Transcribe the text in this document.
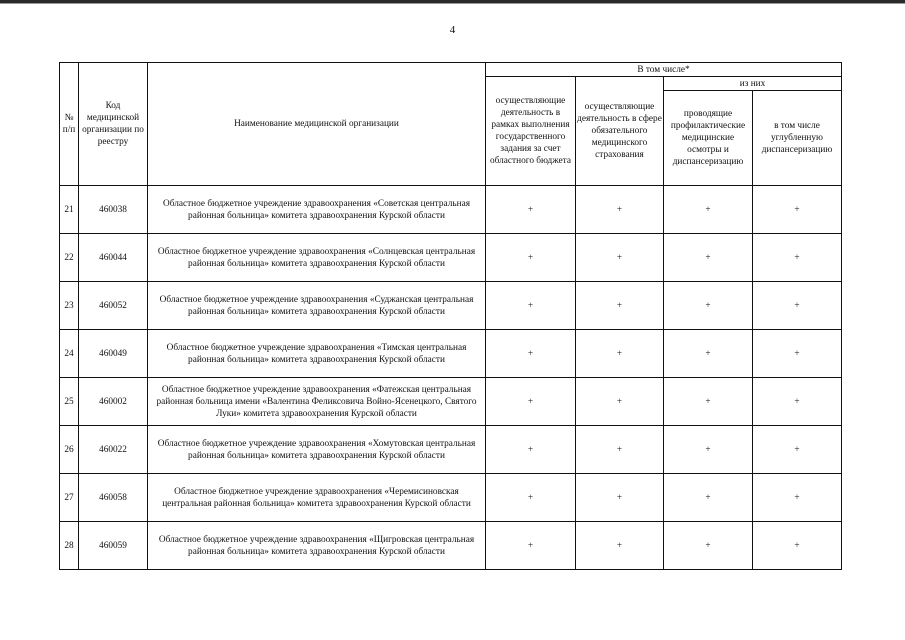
4
№ п/п	Код медицинской организации по реестру	Наименование медицинской организации	В том числе*			
			осуществляющие деятельность в рамках выполнения государственного задания за счет областного бюджета	осуществляющие деятельность в сфере обязательного медицинского страхования	из них	
					проводящие профилактические медицинские осмотры и диспансеризацию	в том числе углубленную диспансеризацию
21	460038	Областное бюджетное учреждение здравоохранения «Советская центральная районная больница» комитета здравоохранения Курской области	+	+	+	+
22	460044	Областное бюджетное учреждение здравоохранения «Солнцевская центральная районная больница» комитета здравоохранения Курской области	+	+	+	+
23	460052	Областное бюджетное учреждение здравоохранения «Суджанская центральная районная больница» комитета здравоохранения Курской области	+	+	+	+
24	460049	Областное бюджетное учреждение здравоохранения «Тимская центральная районная больница» комитета здравоохранения Курской области	+	+	+	+
25	460002	Областное бюджетное учреждение здравоохранения «Фатежская центральная районная больница имени «Валентина Феликсовича Войно-Ясенецкого, Святого Луки» комитета здравоохранения Курской области	+	+	+	+
26	460022	Областное бюджетное учреждение здравоохранения «Хомутовская центральная районная больница» комитета здравоохранения Курской области	+	+	+	+
27	460058	Областное бюджетное учреждение здравоохранения «Черемисиновская центральная районная больница» комитета здравоохранения Курской области	+	+	+	+
28	460059	Областное бюджетное учреждение здравоохранения «Щигровская центральная районная больница» комитета здравоохранения Курской области	+	+	+	+
